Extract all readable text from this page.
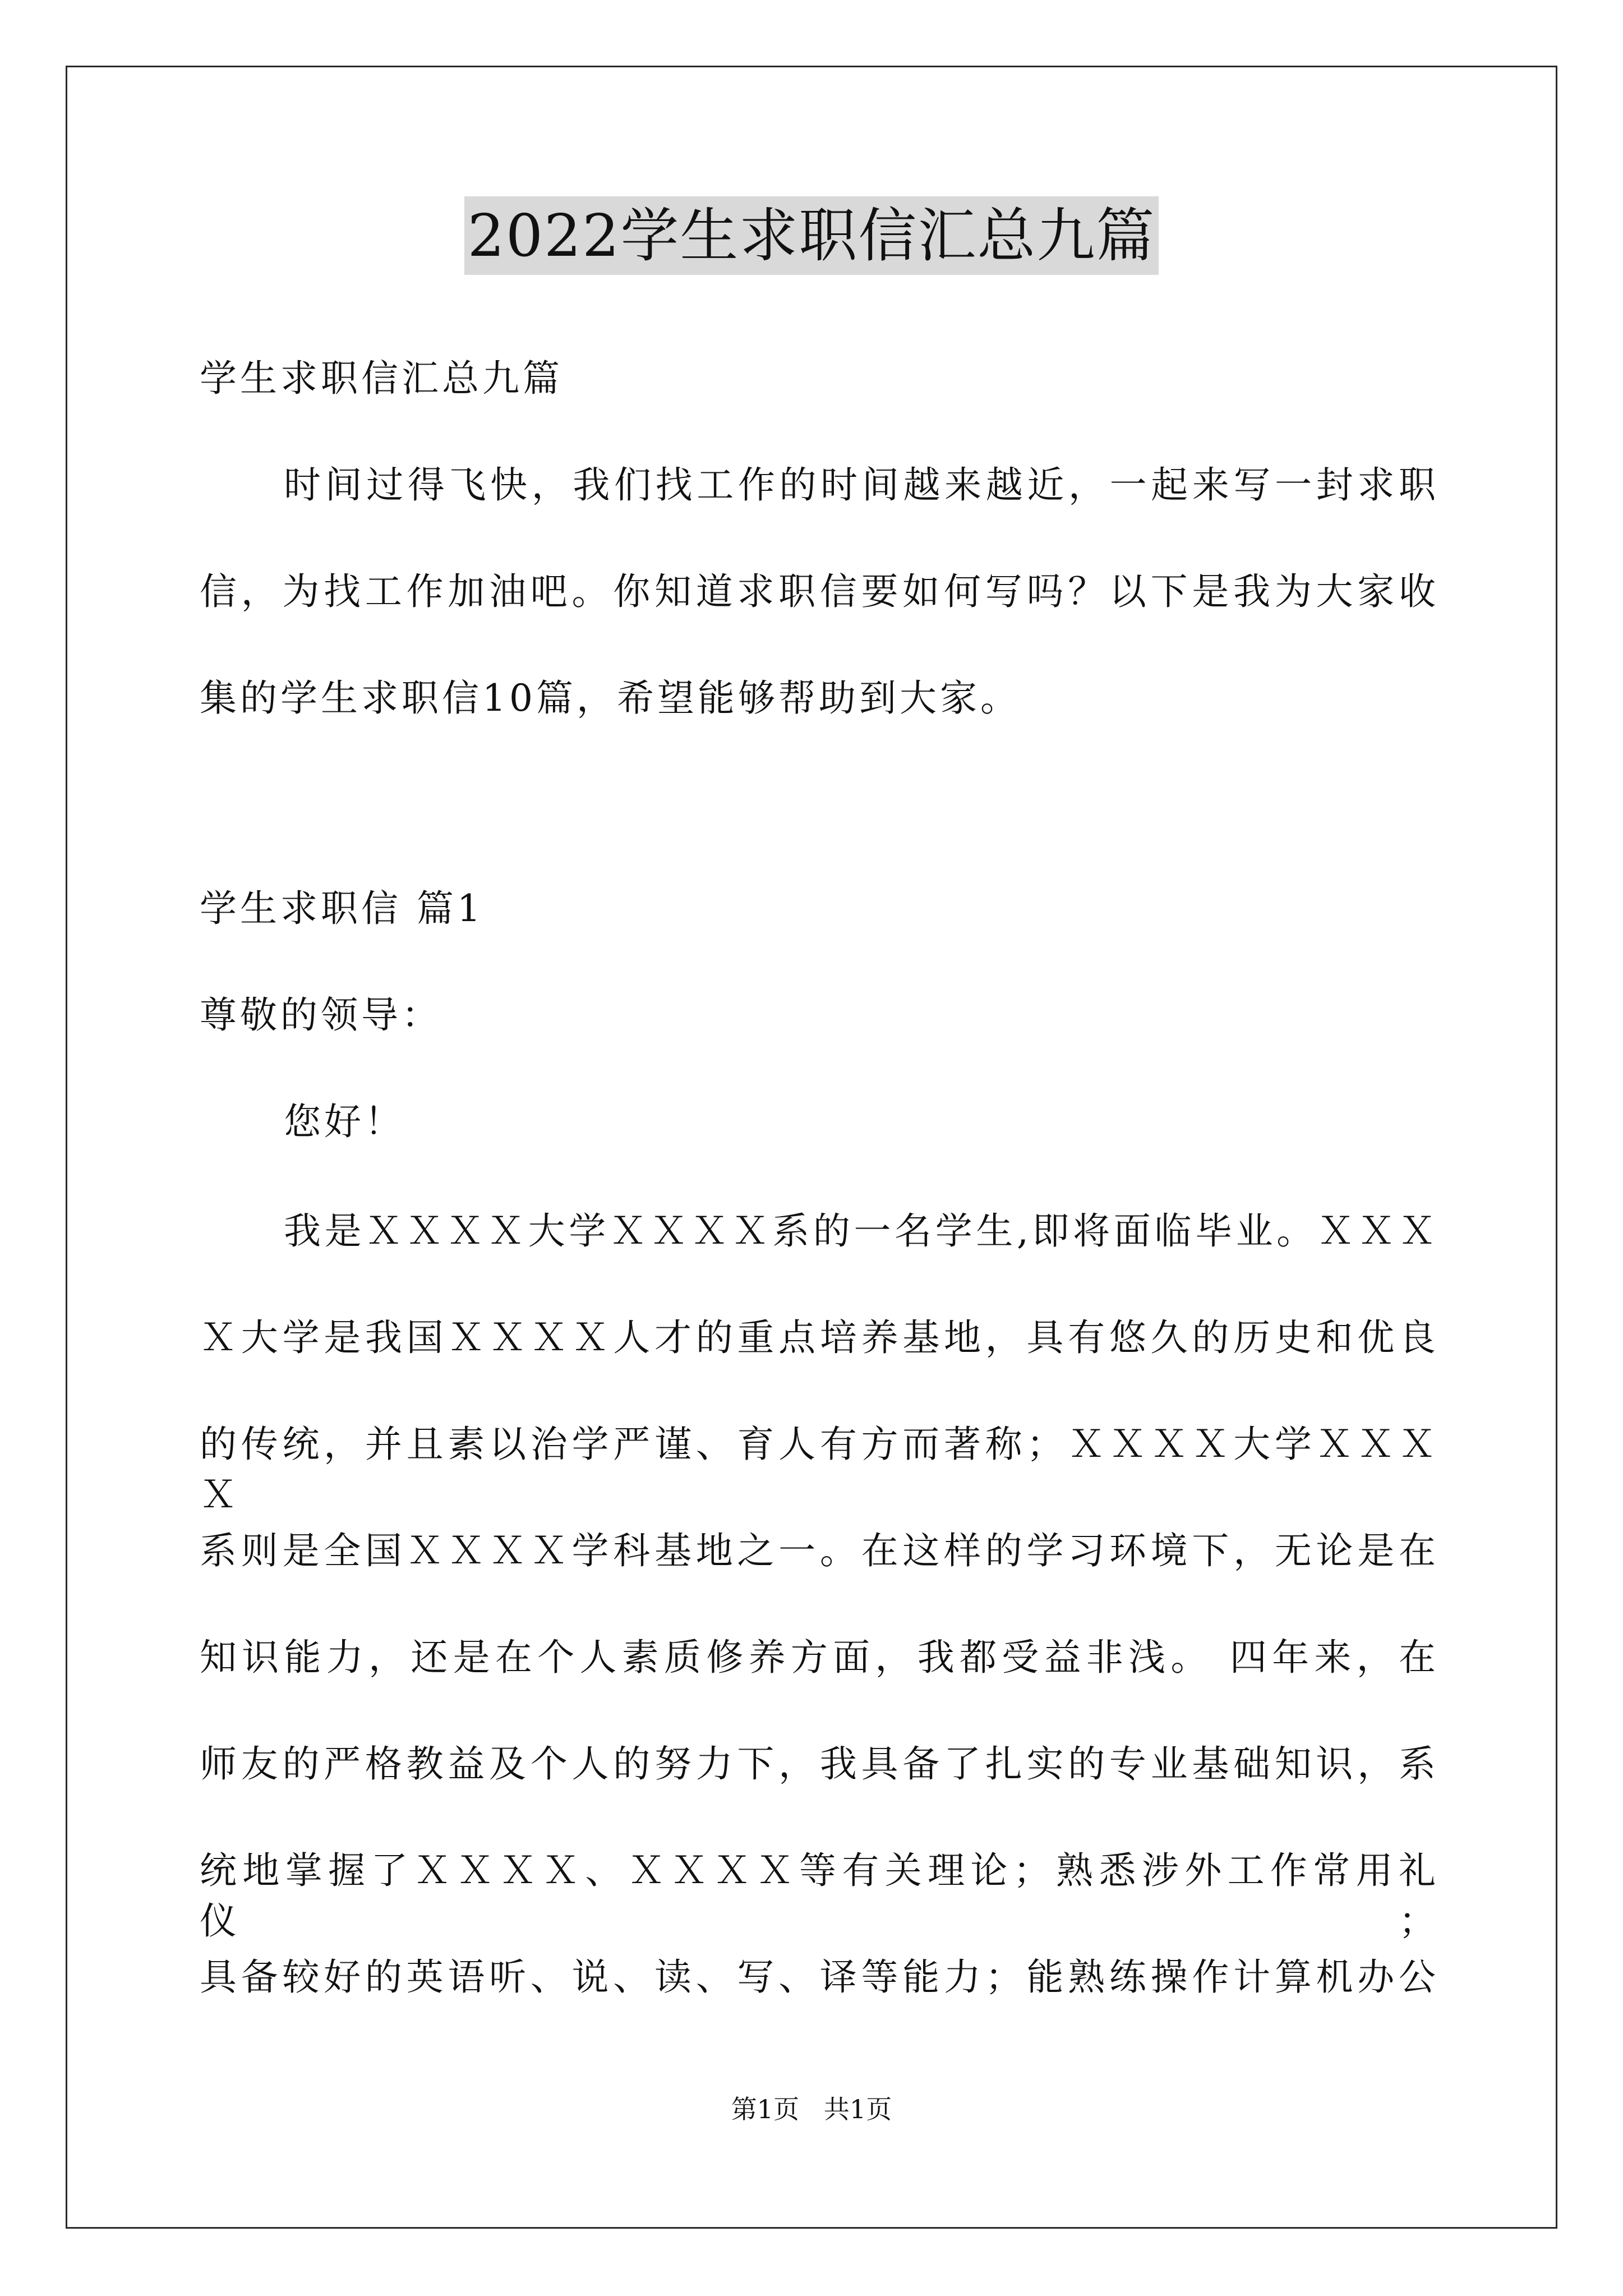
2022学生求职信汇总九篇
学生求职信汇总九篇
时间过得飞快，我们找工作的时间越来越近，一起来写一封求职
信，为找工作加油吧。你知道求职信要如何写吗？以下是我为大家收
集的学生求职信10篇，希望能够帮助到大家。
学生求职信 篇1
尊敬的领导：
您好！
我是ＸＸＸＸ大学ＸＸＸＸ系的一名学生,即将面临毕业。ＸＸＸ
Ｘ大学是我国ＸＸＸＸ人才的重点培养基地，具有悠久的历史和优良
的传统，并且素以治学严谨、育人有方而著称；ＸＸＸＸ大学ＸＸＸＸ
系则是全国ＸＸＸＸ学科基地之一。在这样的学习环境下，无论是在
知识能力，还是在个人素质修养方面，我都受益非浅。 四年来，在
师友的严格教益及个人的努力下，我具备了扎实的专业基础知识，系
统地掌握了ＸＸＸＸ、ＸＸＸＸ等有关理论；熟悉涉外工作常用礼仪；
具备较好的英语听、说、读、写、译等能力；能熟练操作计算机办公
第1页   共1页
